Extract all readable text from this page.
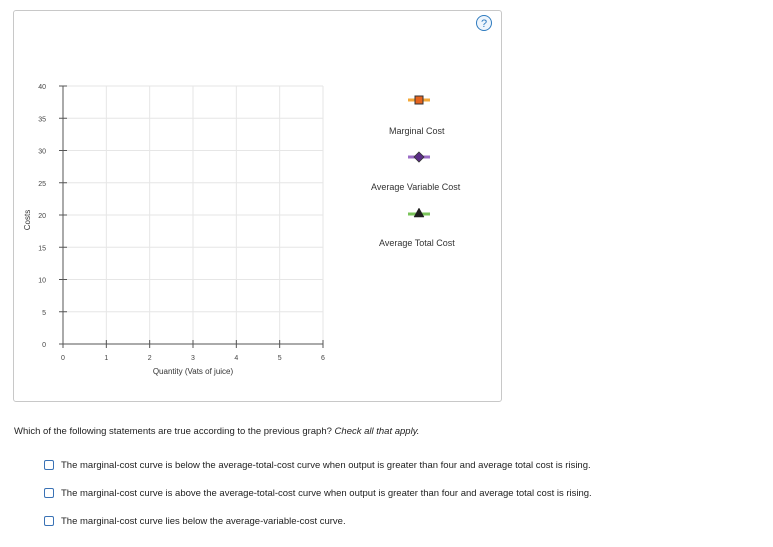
0
5
10
15
20
25
30
35
40
0	1	2	3	4	5	6
Quantity (Vats of juice)
Costs
?
Marginal Cost
Average Variable Cost
Average Total Cost
Which of the following statements are true according to the previous graph? Check all that apply.
The marginal-cost curve is below the average-total-cost curve when output is greater than four and average total cost is rising.
The marginal-cost curve is above the average-total-cost curve when output is greater than four and average total cost is rising.
The marginal-cost curve lies below the average-variable-cost curve.
